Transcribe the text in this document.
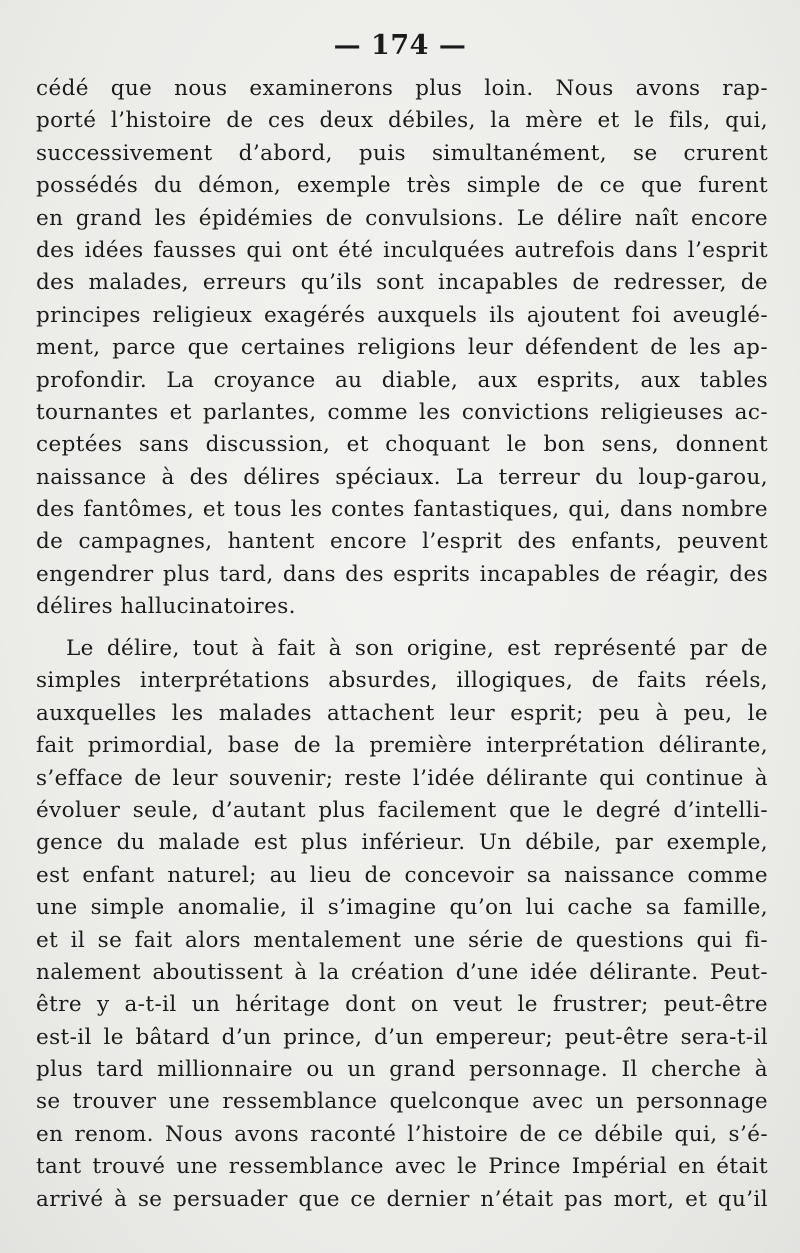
— 174 —
cédé que nous examinerons plus loin. Nous avons rap-
porté l’histoire de ces deux débiles, la mère et le fils, qui,
successivement d’abord, puis simultanément, se crurent
possédés du démon, exemple très simple de ce que furent
en grand les épidémies de convulsions. Le délire naît encore
des idées fausses qui ont été inculquées autrefois dans l’esprit
des malades, erreurs qu’ils sont incapables de redresser, de
principes religieux exagérés auxquels ils ajoutent foi aveuglé-
ment, parce que certaines religions leur défendent de les ap-
profondir. La croyance au diable, aux esprits, aux tables
tournantes et parlantes, comme les convictions religieuses ac-
ceptées sans discussion, et choquant le bon sens, donnent
naissance à des délires spéciaux. La terreur du loup-garou,
des fantômes, et tous les contes fantastiques, qui, dans nombre
de campagnes, hantent encore l’esprit des enfants, peuvent
engendrer plus tard, dans des esprits incapables de réagir, des
délires hallucinatoires.
Le délire, tout à fait à son origine, est représenté par de
simples interprétations absurdes, illogiques, de faits réels,
auxquelles les malades attachent leur esprit; peu à peu, le
fait primordial, base de la première interprétation délirante,
s’efface de leur souvenir; reste l’idée délirante qui continue à
évoluer seule, d’autant plus facilement que le degré d’intelli-
gence du malade est plus inférieur. Un débile, par exemple,
est enfant naturel; au lieu de concevoir sa naissance comme
une simple anomalie, il s’imagine qu’on lui cache sa famille,
et il se fait alors mentalement une série de questions qui fi-
nalement aboutissent à la création d’une idée délirante. Peut-
être y a-t-il un héritage dont on veut le frustrer; peut-être
est-il le bâtard d’un prince, d’un empereur; peut-être sera-t-il
plus tard millionnaire ou un grand personnage. Il cherche à
se trouver une ressemblance quelconque avec un personnage
en renom. Nous avons raconté l’histoire de ce débile qui, s’é-
tant trouvé une ressemblance avec le Prince Impérial en était
arrivé à se persuader que ce dernier n’était pas mort, et qu’il
